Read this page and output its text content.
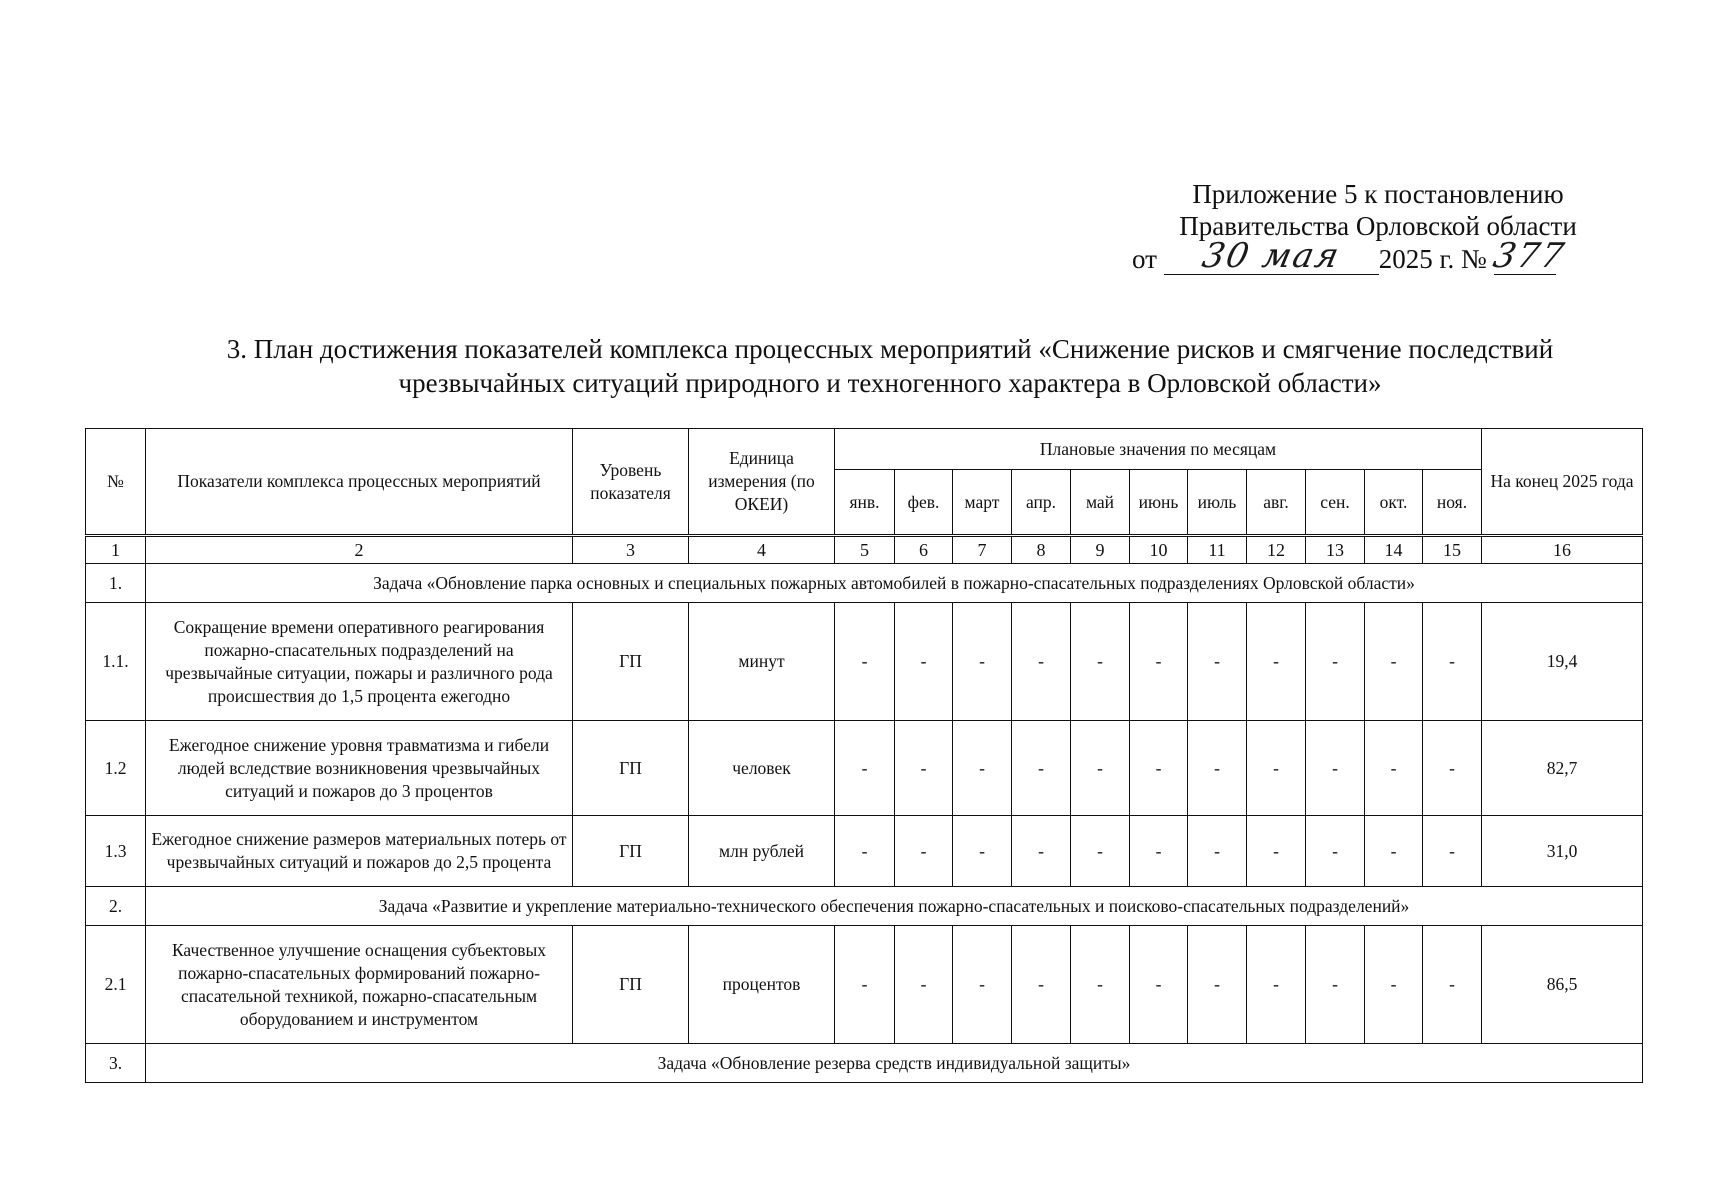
Приложение 5 к постановлению
Правительства Орловской области
от	30 мая	2025 г. № 377
3. План достижения показателей комплекса процессных мероприятий «Снижение рисков и смягчение последствий
чрезвычайных ситуаций природного и техногенного характера в Орловской области»
№	Показатели комплекса процессных мероприятий	Уровень показателя	Единица измерения (по ОКЕИ)	Плановые значения по месяцам											На конец 2025 года
				янв.	фев.	март	апр.	май	июнь	июль	авг.	сен.	окт.	ноя.	
1	2	3	4	5	6	7	8	9	10	11	12	13	14	15	16
1.	Задача «Обновление парка основных и специальных пожарных автомобилей в пожарно-спасательных подразделениях Орловской области»														
1.1.	Сокращение времени оперативного реагирования пожарно-спасательных подразделений на чрезвычайные ситуации, пожары и различного рода происшествия до 1,5 процента ежегодно	ГП	минут	-	-	-	-	-	-	-	-	-	-	-	19,4
1.2	Ежегодное снижение уровня травматизма и гибели людей вследствие возникновения чрезвычайных ситуаций и пожаров до 3 процентов	ГП	человек	-	-	-	-	-	-	-	-	-	-	-	82,7
1.3	Ежегодное снижение размеров материальных потерь от чрезвычайных ситуаций и пожаров до 2,5 процента	ГП	млн рублей	-	-	-	-	-	-	-	-	-	-	-	31,0
2.	Задача «Развитие и укрепление материально-технического обеспечения пожарно-спасательных и поисково-спасательных подразделений»														
2.1	Качественное улучшение оснащения субъектовых пожарно-спасательных формирований пожарно-спасательной техникой, пожарно-спасательным оборудованием и инструментом	ГП	процентов	-	-	-	-	-	-	-	-	-	-	-	86,5
3.	Задача «Обновление резерва средств индивидуальной защиты»														
